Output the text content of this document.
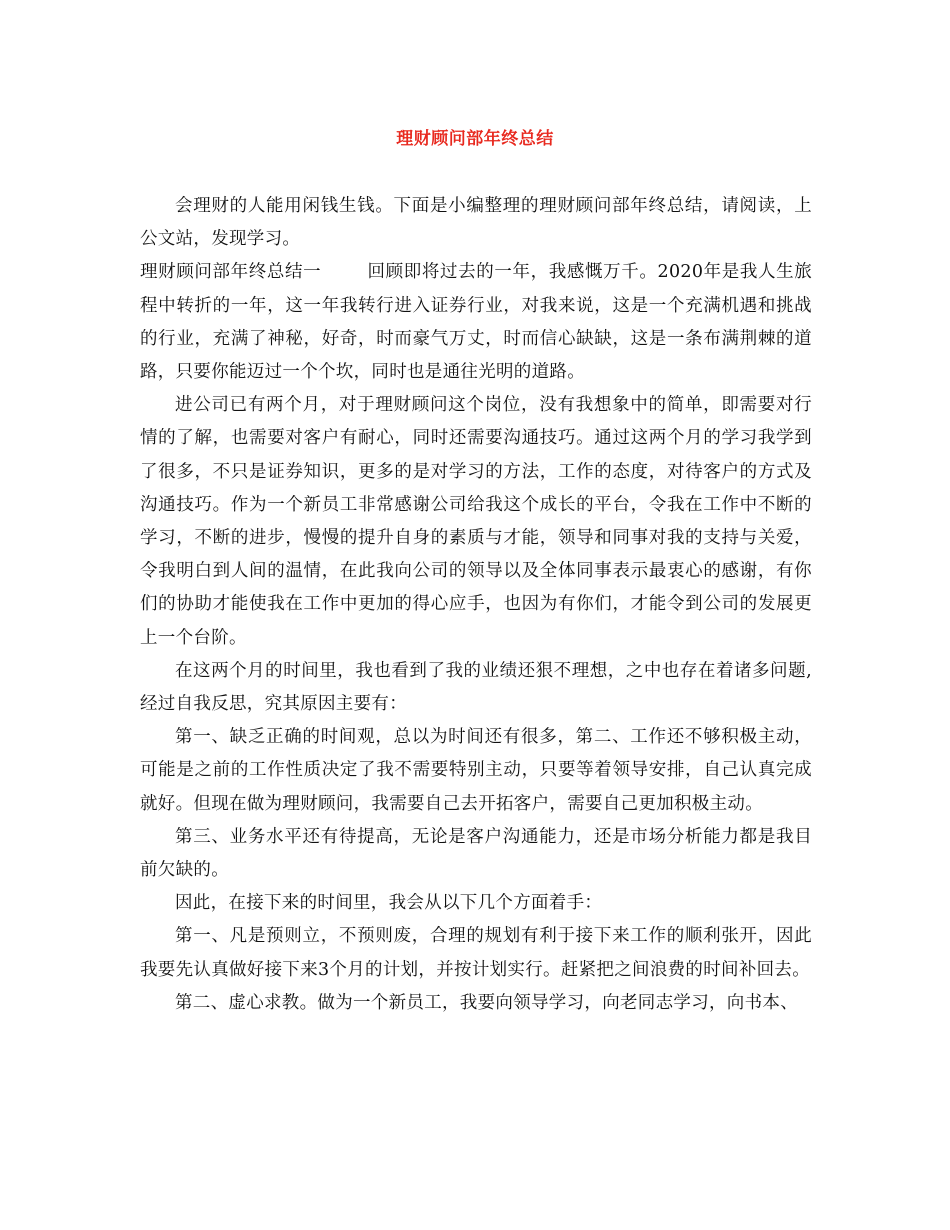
理财顾问部年终总结

会理财的人能用闲钱生钱。下面是小编整理的理财顾问部年终总结，请阅读，上公文站，发现学习。

理财顾问部年终总结一	回顾即将过去的一年，我感慨万千。2020年是我人生旅程中转折的一年，这一年我转行进入证券行业，对我来说，这是一个充满机遇和挑战的行业，充满了神秘，好奇，时而豪气万丈，时而信心缺缺，这是一条布满荆棘的道路，只要你能迈过一个个坎，同时也是通往光明的道路。

进公司已有两个月，对于理财顾问这个岗位，没有我想象中的简单，即需要对行情的了解，也需要对客户有耐心，同时还需要沟通技巧。通过这两个月的学习我学到了很多，不只是证券知识，更多的是对学习的方法，工作的态度，对待客户的方式及沟通技巧。作为一个新员工非常感谢公司给我这个成长的平台，令我在工作中不断的学习，不断的进步，慢慢的提升自身的素质与才能，领导和同事对我的支持与关爱，令我明白到人间的温情，在此我向公司的领导以及全体同事表示最衷心的感谢，有你们的协助才能使我在工作中更加的得心应手，也因为有你们，才能令到公司的发展更上一个台阶。

在这两个月的时间里，我也看到了我的业绩还狠不理想，之中也存在着诸多问题,经过自我反思，究其原因主要有：

第一、缺乏正确的时间观，总以为时间还有很多，第二、工作还不够积极主动，可能是之前的工作性质决定了我不需要特别主动，只要等着领导安排，自己认真完成就好。但现在做为理财顾问，我需要自己去开拓客户，需要自己更加积极主动。

第三、业务水平还有待提高，无论是客户沟通能力，还是市场分析能力都是我目前欠缺的。

因此，在接下来的时间里，我会从以下几个方面着手：

第一、凡是预则立，不预则废，合理的规划有利于接下来工作的顺利张开，因此我要先认真做好接下来3个月的计划，并按计划实行。赶紧把之间浪费的时间补回去。

第二、虚心求教。做为一个新员工，我要向领导学习，向老同志学习，向书本、
